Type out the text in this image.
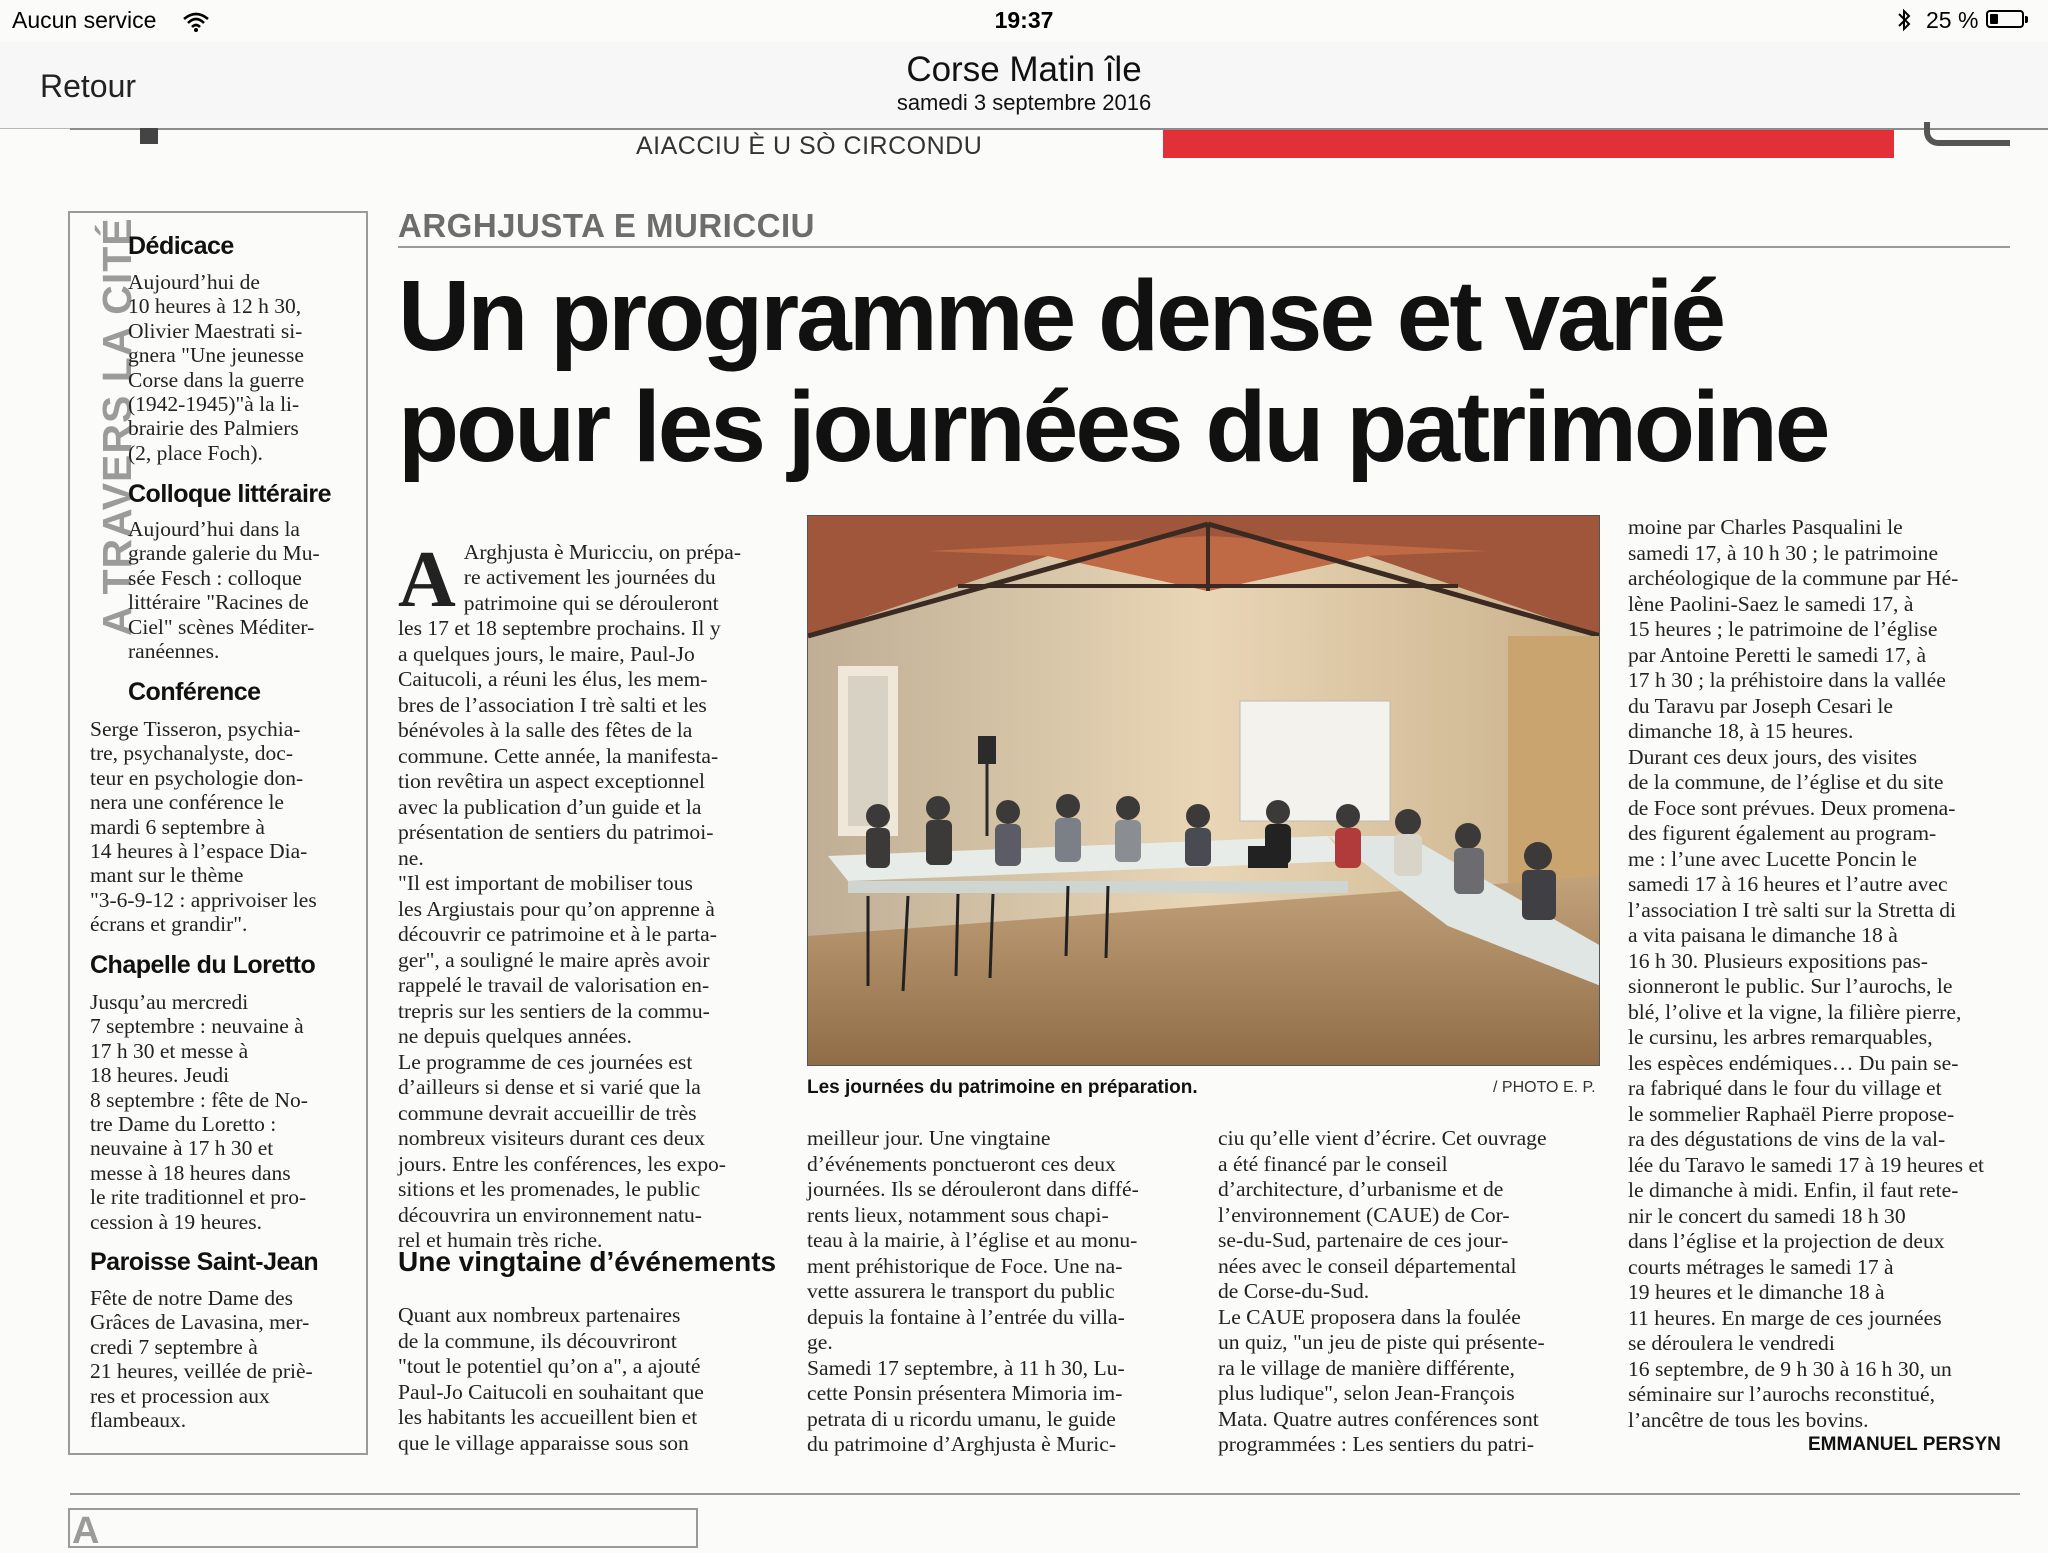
Aucun service	19:37	25 %
Retour	Corse Matin île
samedi 3 septembre 2016
AIACCIU È U SÒ CIRCONDU
A TRAVERS LA CITÉ
Dédicace
Aujourd’hui de
10 heures à 12 h 30,
Olivier Maestrati si-
gnera "Une jeunesse
Corse dans la guerre
(1942-1945)"à la li-
brairie des Palmiers
(2, place Foch).
Colloque littéraire
Aujourd’hui dans la
grande galerie du Mu-
sée Fesch : colloque
littéraire "Racines de
Ciel" scènes Méditer-
ranéennes.
Conférence
Serge Tisseron, psychia-
tre, psychanalyste, doc-
teur en psychologie don-
nera une conférence le
mardi 6 septembre à
14 heures à l’espace Dia-
mant sur le thème
"3-6-9-12 : apprivoiser les
écrans et grandir".
Chapelle du Loretto
Jusqu’au mercredi
7 septembre : neuvaine à
17 h 30 et messe à
18 heures. Jeudi
8 septembre : fête de No-
tre Dame du Loretto :
neuvaine à 17 h 30 et
messe à 18 heures dans
le rite traditionnel et pro-
cession à 19 heures.
Paroisse Saint-Jean
Fête de notre Dame des
Grâces de Lavasina, mer-
credi 7 septembre à
21 heures, veillée de priè-
res et procession aux
flambeaux.
ARGHJUSTA E MURICCIU
Un programme dense et varié
pour les journées du patrimoine

A Arghjusta è Muricciu, on prépa-
re activement les journées du
patrimoine qui se dérouleront
les 17 et 18 septembre prochains. Il y
a quelques jours, le maire, Paul-Jo
Caitucoli, a réuni les élus, les mem-
bres de l’association I trè salti et les
bénévoles à la salle des fêtes de la
commune. Cette année, la manifesta-
tion revêtira un aspect exceptionnel
avec la publication d’un guide et la
présentation de sentiers du patrimoi-
ne.
"Il est important de mobiliser tous
les Argiustais pour qu’on apprenne à
découvrir ce patrimoine et à le parta-
ger", a souligné le maire après avoir
rappelé le travail de valorisation en-
trepris sur les sentiers de la commu-
ne depuis quelques années.
Le programme de ces journées est
d’ailleurs si dense et si varié que la
commune devrait accueillir de très
nombreux visiteurs durant ces deux
jours. Entre les conférences, les expo-
sitions et les promenades, le public
découvrira un environnement natu-
rel et humain très riche.

Une vingtaine d’événements
Quant aux nombreux partenaires
de la commune, ils découvriront
"tout le potentiel qu’on a", a ajouté
Paul-Jo Caitucoli en souhaitant que
les habitants les accueillent bien et
que le village apparaisse sous son
Les journées du patrimoine en préparation.	/ PHOTO E. P.
meilleur jour. Une vingtaine
d’événements ponctueront ces deux
journées. Ils se dérouleront dans diffé-
rents lieux, notamment sous chapi-
teau à la mairie, à l’église et au monu-
ment préhistorique de Foce. Une na-
vette assurera le transport du public
depuis la fontaine à l’entrée du villa-
ge.
Samedi 17 septembre, à 11 h 30, Lu-
cette Ponsin présentera Mimoria im-
petrata di u ricordu umanu, le guide
du patrimoine d’Arghjusta è Muric-
ciu qu’elle vient d’écrire. Cet ouvrage
a été financé par le conseil
d’architecture, d’urbanisme et de
l’environnement (CAUE) de Cor-
se-du-Sud, partenaire de ces jour-
nées avec le conseil départemental
de Corse-du-Sud.
Le CAUE proposera dans la foulée
un quiz, "un jeu de piste qui présente-
ra le village de manière différente,
plus ludique", selon Jean-François
Mata. Quatre autres conférences sont
programmées : Les sentiers du patri-
moine par Charles Pasqualini le
samedi 17, à 10 h 30 ; le patrimoine
archéologique de la commune par Hé-
lène Paolini-Saez le samedi 17, à
15 heures ; le patrimoine de l’église
par Antoine Peretti le samedi 17, à
17 h 30 ; la préhistoire dans la vallée
du Taravu par Joseph Cesari le
dimanche 18, à 15 heures.
Durant ces deux jours, des visites
de la commune, de l’église et du site
de Foce sont prévues. Deux promena-
des figurent également au program-
me : l’une avec Lucette Poncin le
samedi 17 à 16 heures et l’autre avec
l’association I trè salti sur la Stretta di
a vita paisana le dimanche 18 à
16 h 30. Plusieurs expositions pas-
sionneront le public. Sur l’aurochs, le
blé, l’olive et la vigne, la filière pierre,
le cursinu, les arbres remarquables,
les espèces endémiques… Du pain se-
ra fabriqué dans le four du village et
le sommelier Raphaël Pierre propose-
ra des dégustations de vins de la val-
lée du Taravo le samedi 17 à 19 heures et
le dimanche à midi. Enfin, il faut rete-
nir le concert du samedi 18 h 30
dans l’église et la projection de deux
courts métrages le samedi 17 à
19 heures et le dimanche 18 à
11 heures. En marge de ces journées
se déroulera le vendredi
16 septembre, de 9 h 30 à 16 h 30, un
séminaire sur l’aurochs reconstitué,
l’ancêtre de tous les bovins.
EMMANUEL PERSYN
A
